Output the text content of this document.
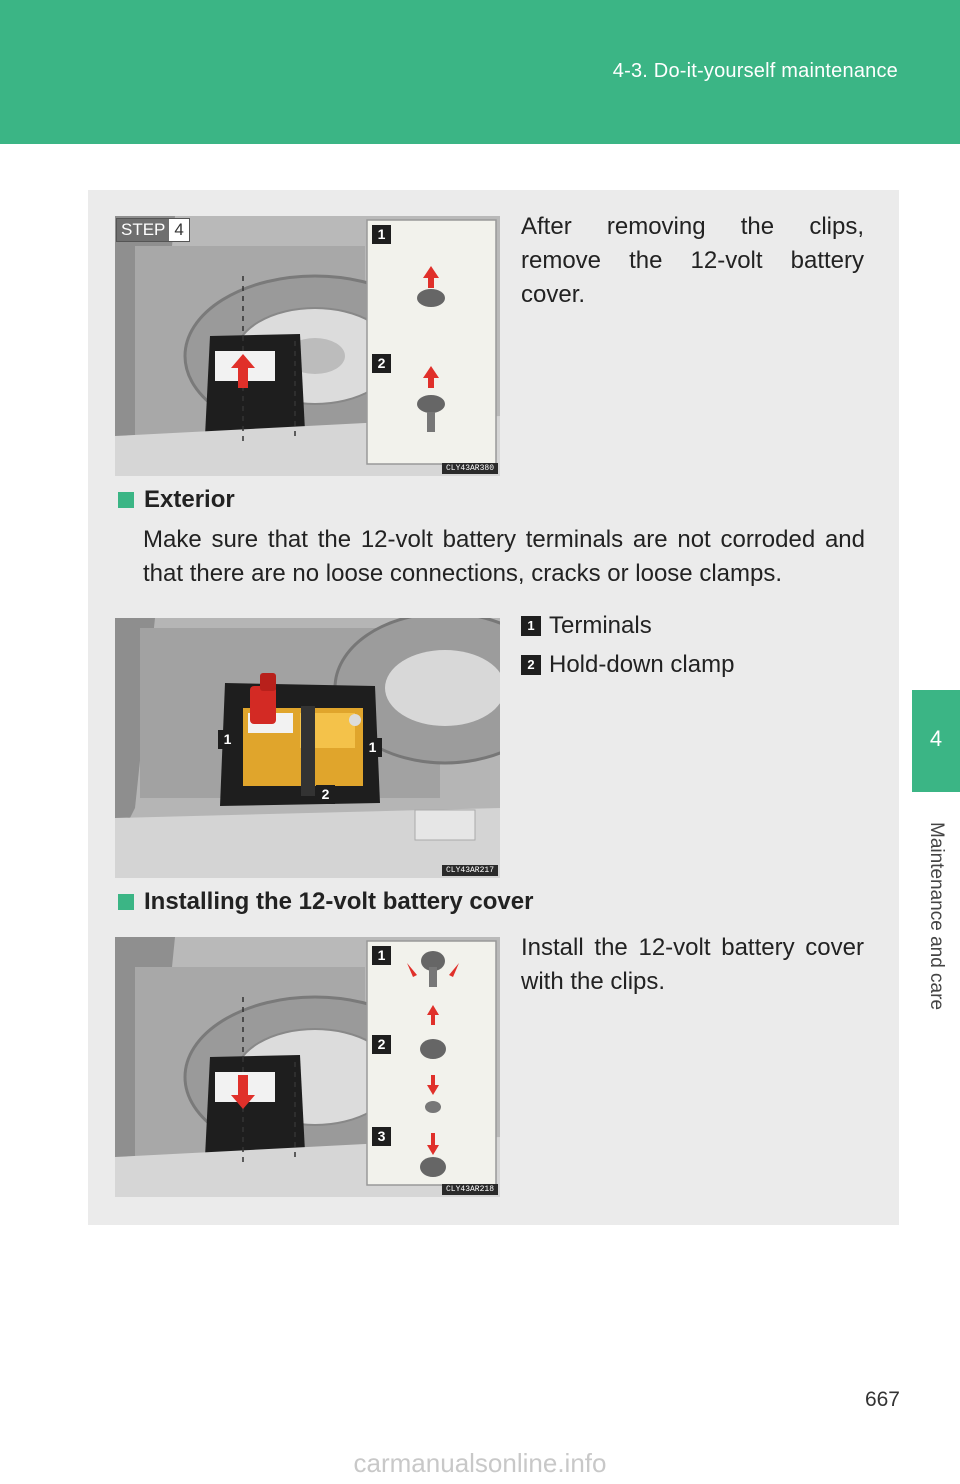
4-3. Do-it-yourself maintenance
4
Maintenance and care
1
2
CLY43AR380
STEP 4	After removing the clips,
remove the 12-volt battery
cover.
Exterior
Make sure that the 12-volt battery terminals are not corroded and
that there are no loose connections, cracks or loose clamps.
1	1
2
CLY43AR217
1 Terminals
2 Hold-down clamp
Installing the 12-volt battery cover
1
2
3
CLY43AR218
Install the 12-volt battery cover
with the clips.
667
carmanualsonline.info
